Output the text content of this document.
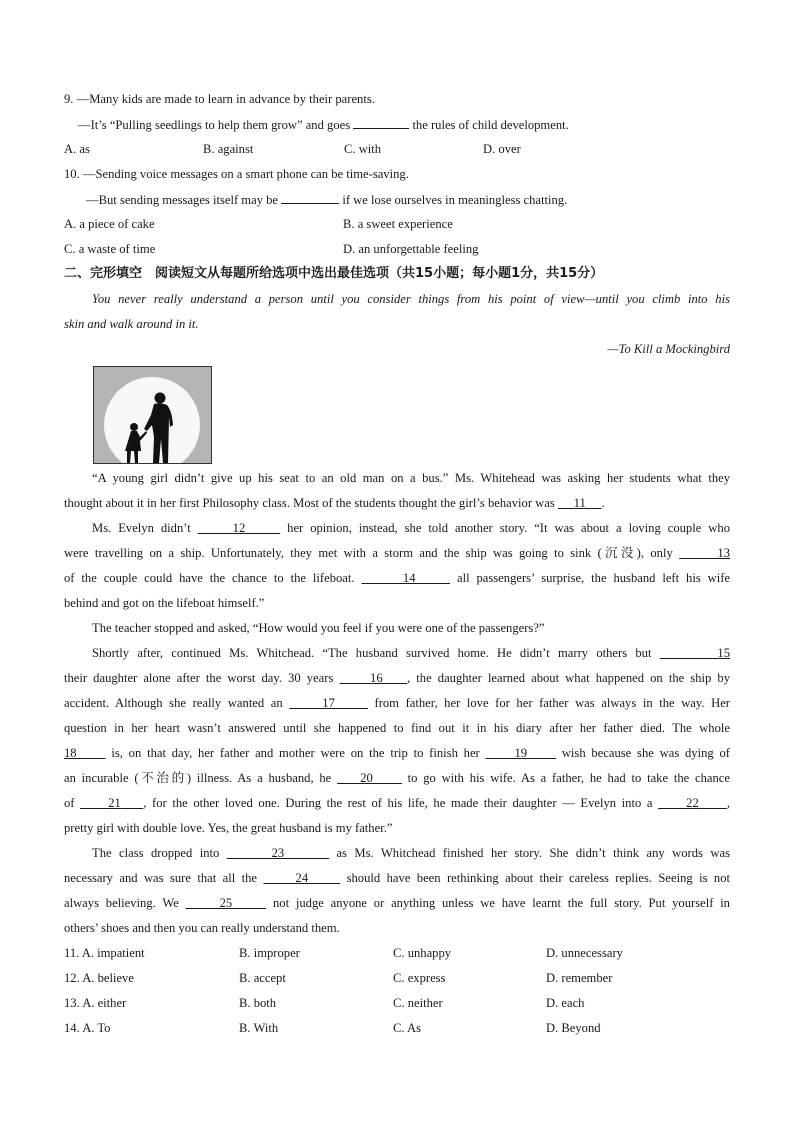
9. —Many kids are made to learn in advance by their parents.
—It’s “Pulling seedlings to help them grow” and goes	the rules of child development.
A. as	B. against	C. with	D. over
10. —Sending voice messages on a smart phone can be time-saving.
—But sending messages itself may be	if we lose ourselves in meaningless chatting.
A. a piece of cake	B. a sweet experience
C. a waste of time	D. an unforgettable feeling
二、完形填空　阅读短文从每题所给选项中选出最佳选项（共15小题；每小题1分，共15分）
You never really understand a person until you consider things from his point of view—until you climb into his
skin and walk around in it.
—To Kill a Mockingbird
“A young girl didn’t give up his seat to an old man on a bus.” Ms. Whitehead was asking her students what they
thought about it in her first Philosophy class. Most of the students thought the girl’s behavior was 11 .
Ms. Evelyn didn’t	12	her opinion, instead, she told another story. “It was about a loving couple who
were travelling on a ship. Unfortunately, they met with a storm and the ship was going to sink (沉没), only	13
of the couple could have the chance to the lifeboat.	14	all passengers’ surprise, the husband left his wife
behind and got on the lifeboat himself.”
The teacher stopped and asked, “How would you feel if you were one of the passengers?”
Shortly after, continued Ms. Whitchead. “The husband survived home. He didn’t marry others but	15
their daughter alone after the worst day. 30 years	16 , the daughter learned about what happened on the ship by
accident. Although she really wanted an	17	from father, her love for her father was always in the way. Her
question in her heart wasn’t answered until she happened to find out it in his diary after her father died. The whole
18	is, on that day, her father and mother were on the trip to finish her	19	wish because she was dying of
an incurable (不治的) illness. As a husband, he 20	to go with his wife. As a father, he had to take the chance
of	21 , for the other loved one. During the rest of his life, he made their daughter — Evelyn into a	22 ,
pretty girl with double love. Yes, the great husband is my father.”
The class dropped into	23	as Ms. Whitchead finished her story. She didn’t think any words was
necessary and was sure that all the	24	should have been rethinking about their careless replies. Seeing is not
always believing. We	25	not judge anyone or anything unless we have learnt the full story. Put yourself in
others’ shoes and then you can really understand them.
11. A. impatient	B. improper	C. unhappy	D. unnecessary
12. A. believe	B. accept	C. express	D. remember
13. A. either	B. both	C. neither	D. each
14. A. To	B. With	C. As	D. Beyond
